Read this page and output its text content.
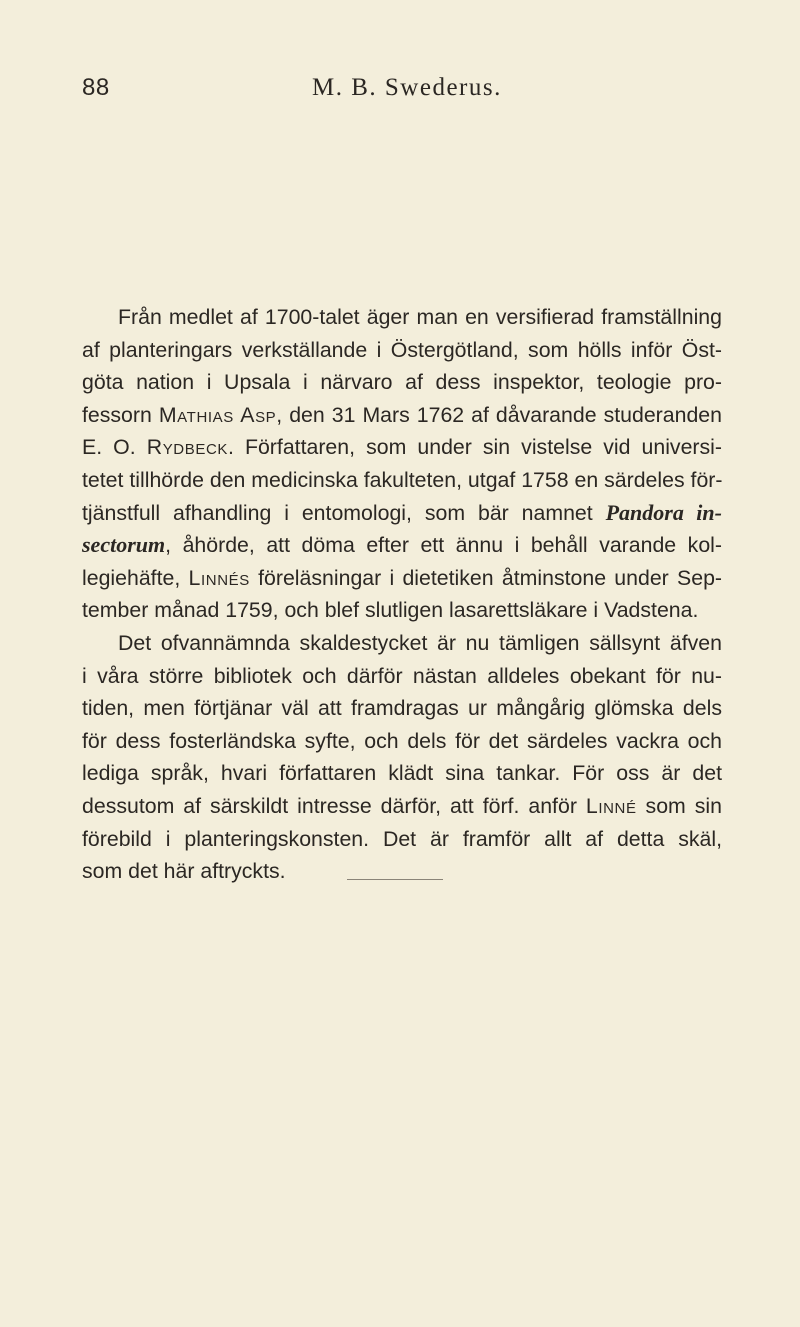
88	M. B. Swederus.
Från medlet af 1700-talet äger man en versifierad framställning
af planteringars verkställande i Östergötland, som hölls inför Öst-
göta nation i Upsala i närvaro af dess inspektor, teologie pro-
fessorn Mathias Asp, den 31 Mars 1762 af dåvarande studeranden
E. O. Rydbeck. Författaren, som under sin vistelse vid universi-
tetet tillhörde den medicinska fakulteten, utgaf 1758 en särdeles för-
tjänstfull afhandling i entomologi, som bär namnet Pandora in-
sectorum, åhörde, att döma efter ett ännu i behåll varande kol-
legiehäfte, Linnés föreläsningar i dietetiken åtminstone under Sep-
tember månad 1759, och blef slutligen lasarettsläkare i Vadstena.
Det ofvannämnda skaldestycket är nu tämligen sällsynt äfven
i våra större bibliotek och därför nästan alldeles obekant för nu-
tiden, men förtjänar väl att framdragas ur mångårig glömska dels
för dess fosterländska syfte, och dels för det särdeles vackra och
lediga språk, hvari författaren klädt sina tankar. För oss är det
dessutom af särskildt intresse därför, att förf. anför Linné som sin
förebild i planteringskonsten. Det är framför allt af detta skäl,
som det här aftryckts.
